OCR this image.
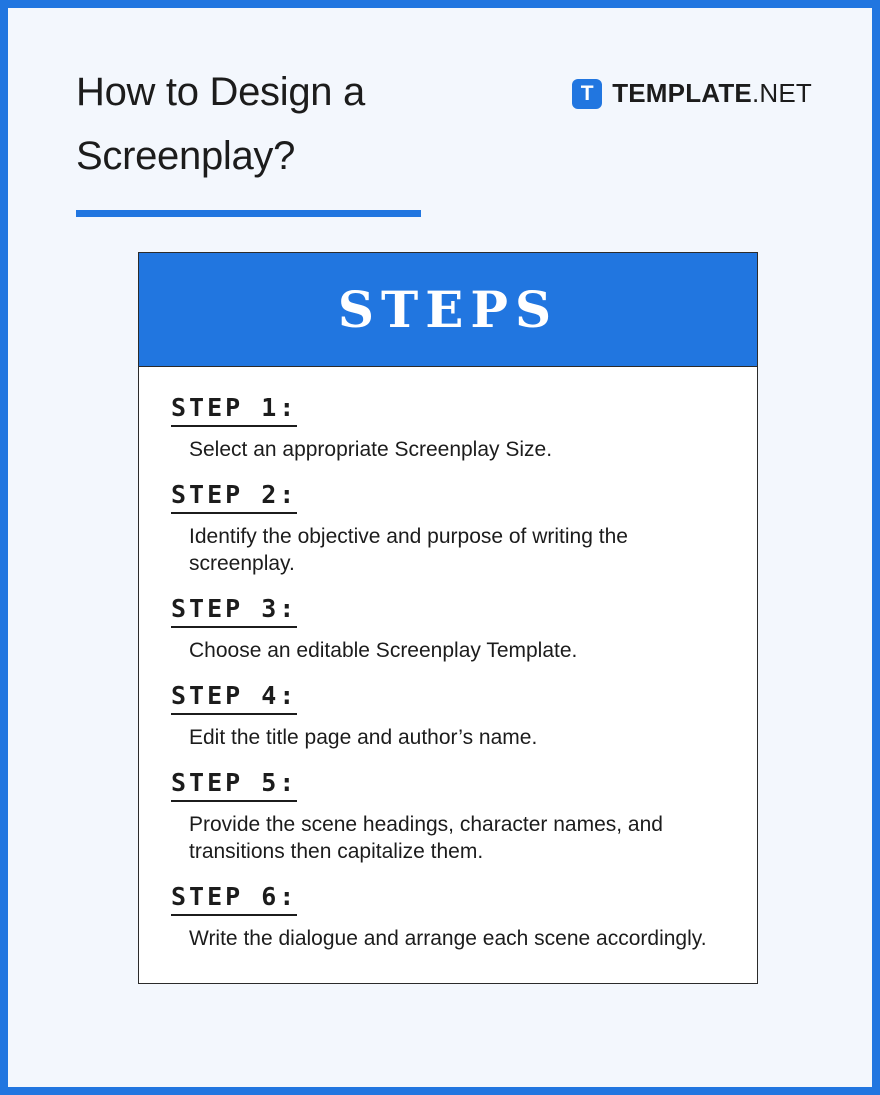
How to Design a Screenplay?
T TEMPLATE .NET
STEPS
STEP 1:
Select an appropriate Screenplay Size.
STEP 2:
Identify the objective and purpose of writing the screenplay.
STEP 3:
Choose an editable Screenplay Template.
STEP 4:
Edit the title page and author’s name.
STEP 5:
Provide the scene headings, character names, and transitions then capitalize them.
STEP 6:
Write the dialogue and arrange each scene accordingly.
